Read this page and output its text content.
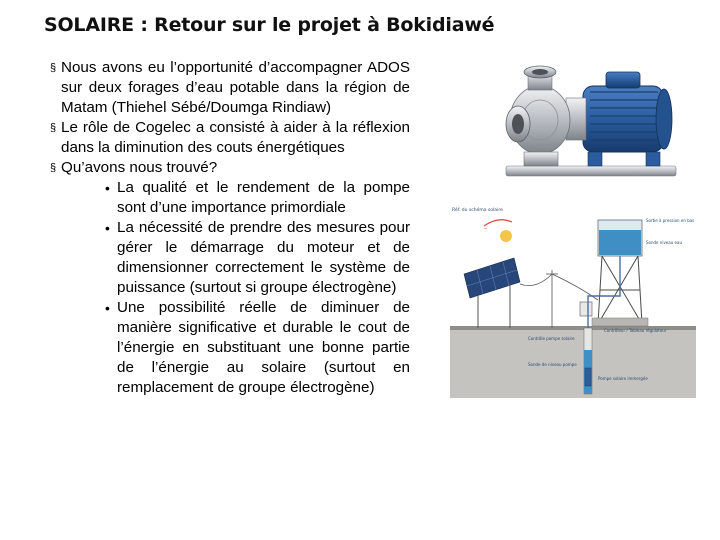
SOLAIRE : Retour sur le projet à Bokidiawé

§ Nous avons eu l’opportunité d’accompagner ADOS sur deux forages d’eau potable dans la région de Matam (Thiehel Sébé/Doumga Rindiaw)

§ Le rôle de Cogelec a consisté à aider à la réflexion dans la diminution des couts énergétiques

§ Qu’avons nous trouvé?

• La qualité et le rendement de la pompe sont d’une importance primordiale

• La nécessité de prendre des mesures pour gérer le démarrage du moteur et de dimensionner correctement le système de puissance (surtout si groupe électrogène)

• Une possibilité réelle de diminuer de manière significative et durable le cout de l’énergie en substituant une bonne partie de l’énergie au solaire (surtout en remplacement de groupe électrogène)

Réf. du schéma solaire
~
Sortie à pression en bas
Sonde niveau eau
Contrôleur / Tableau régulateur
Contrôle pompe solaire
Sonde de niveau pompe
Pompe solaire immergée
